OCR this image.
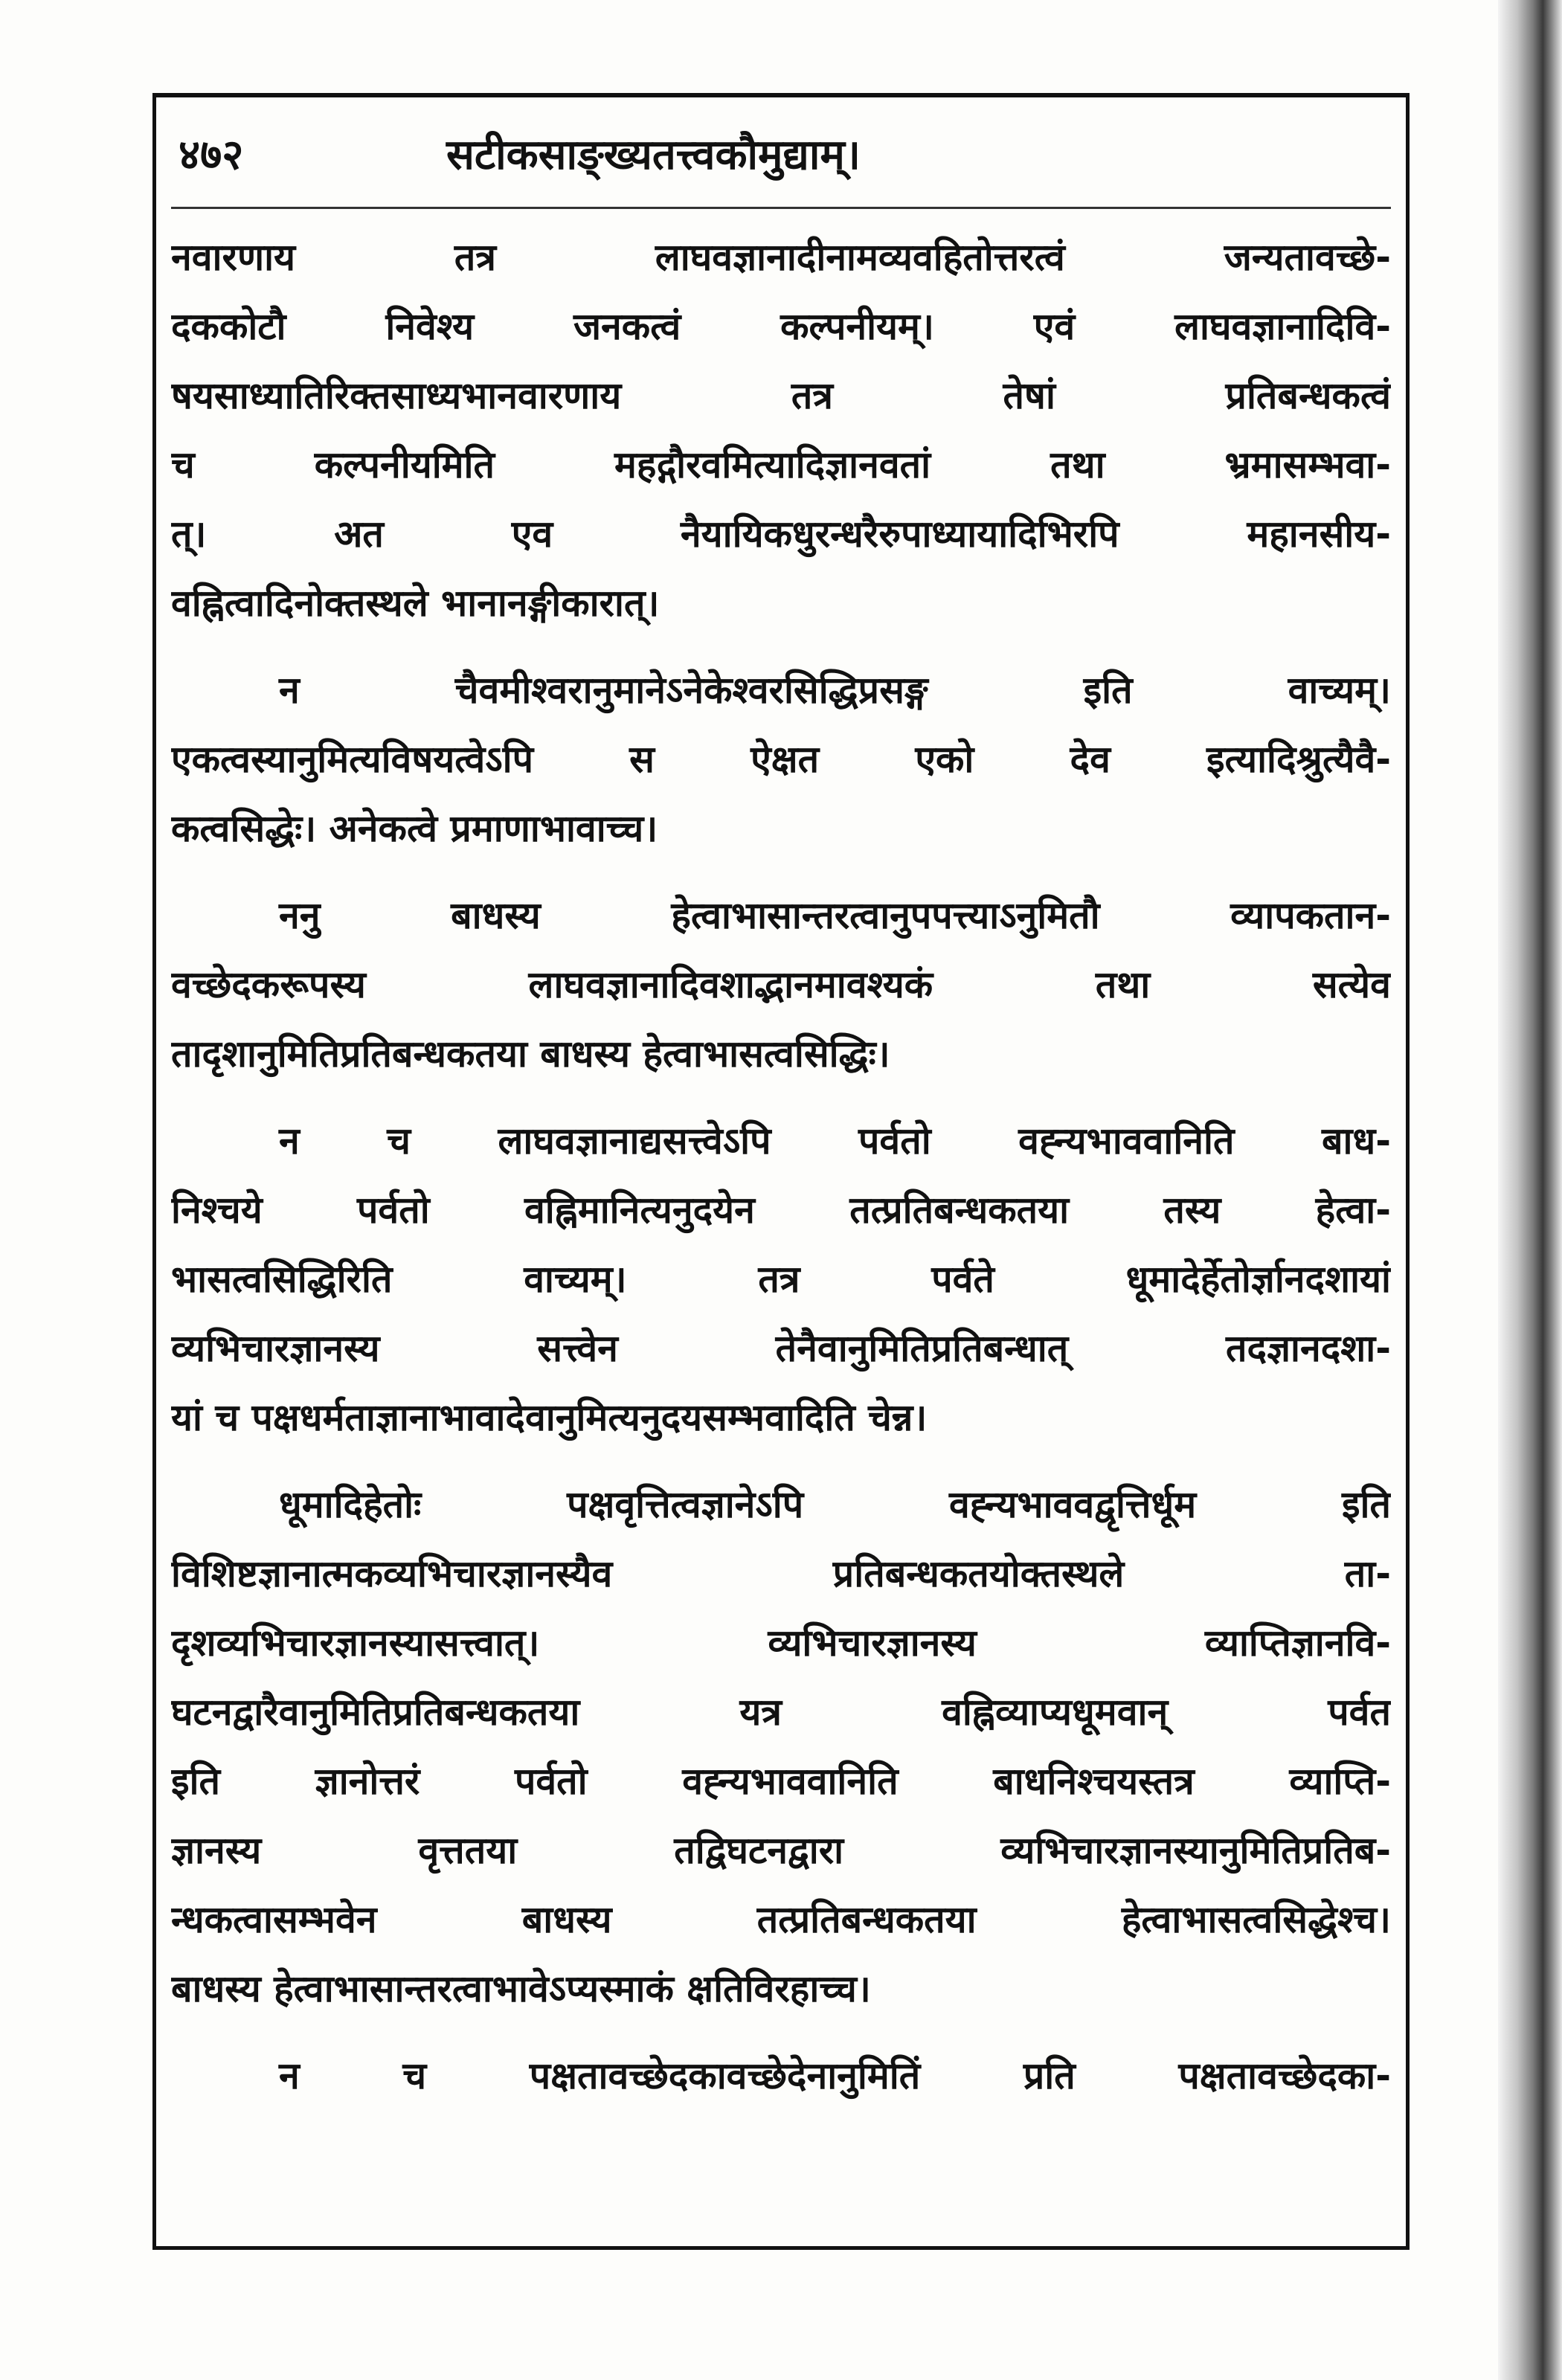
४७२	सटीकसाङ्ख्यतत्त्वकौमुद्याम्।
नवारणाय तत्र लाघवज्ञानादीनामव्यवहितोत्तरत्वं जन्यतावच्छे-
दककोटौ निवेश्य जनकत्वं कल्पनीयम्। एवं लाघवज्ञानादिवि-
षयसाध्यातिरिक्तसाध्यभानवारणाय तत्र तेषां प्रतिबन्धकत्वं
च कल्पनीयमिति महद्गौरवमित्यादिज्ञानवतां तथा भ्रमासम्भवा-
त्। अत एव नैयायिकधुरन्धरैरुपाध्यायादिभिरपि महानसीय-
वह्नित्वादिनोक्तस्थले भानानङ्गीकारात्।
न चैवमीश्वरानुमानेऽनेकेश्वरसिद्धिप्रसङ्ग इति वाच्यम्।
एकत्वस्यानुमित्यविषयत्वेऽपि स ऐक्षत एको देव इत्यादिश्रुत्यैवै-
कत्वसिद्धेः। अनेकत्वे प्रमाणाभावाच्च।
ननु बाधस्य हेत्वाभासान्तरत्वानुपपत्त्याऽनुमितौ व्यापकतान-
वच्छेदकरूपस्य लाघवज्ञानादिवशाद्भानमावश्यकं तथा सत्येव
तादृशानुमितिप्रतिबन्धकतया बाधस्य हेत्वाभासत्वसिद्धिः।
न च लाघवज्ञानाद्यसत्त्वेऽपि पर्वतो वह्न्यभाववानिति बाध-
निश्चये पर्वतो वह्निमानित्यनुदयेन तत्प्रतिबन्धकतया तस्य हेत्वा-
भासत्वसिद्धिरिति वाच्यम्। तत्र पर्वते धूमादेर्हेतोर्ज्ञानदशायां
व्यभिचारज्ञानस्य सत्त्वेन तेनैवानुमितिप्रतिबन्धात् तदज्ञानदशा-
यां च पक्षधर्मताज्ञानाभावादेवानुमित्यनुदयसम्भवादिति चेन्न।
धूमादिहेतोः पक्षवृत्तित्वज्ञानेऽपि वह्न्यभाववद्वृत्तिर्धूम इति
विशिष्टज्ञानात्मकव्यभिचारज्ञानस्यैव प्रतिबन्धकतयोक्तस्थले ता-
दृशव्यभिचारज्ञानस्यासत्त्वात्। व्यभिचारज्ञानस्य व्याप्तिज्ञानवि-
घटनद्वारैवानुमितिप्रतिबन्धकतया यत्र वह्निव्याप्यधूमवान् पर्वत
इति ज्ञानोत्तरं पर्वतो वह्न्यभाववानिति बाधनिश्चयस्तत्र व्याप्ति-
ज्ञानस्य वृत्ततया तद्विघटनद्वारा व्यभिचारज्ञानस्यानुमितिप्रतिब-
न्धकत्वासम्भवेन बाधस्य तत्प्रतिबन्धकतया हेत्वाभासत्वसिद्धेश्च।
बाधस्य हेत्वाभासान्तरत्वाभावेऽप्यस्माकं क्षतिविरहाच्च।
न च पक्षतावच्छेदकावच्छेदेनानुमितिं प्रति पक्षतावच्छेदका-
